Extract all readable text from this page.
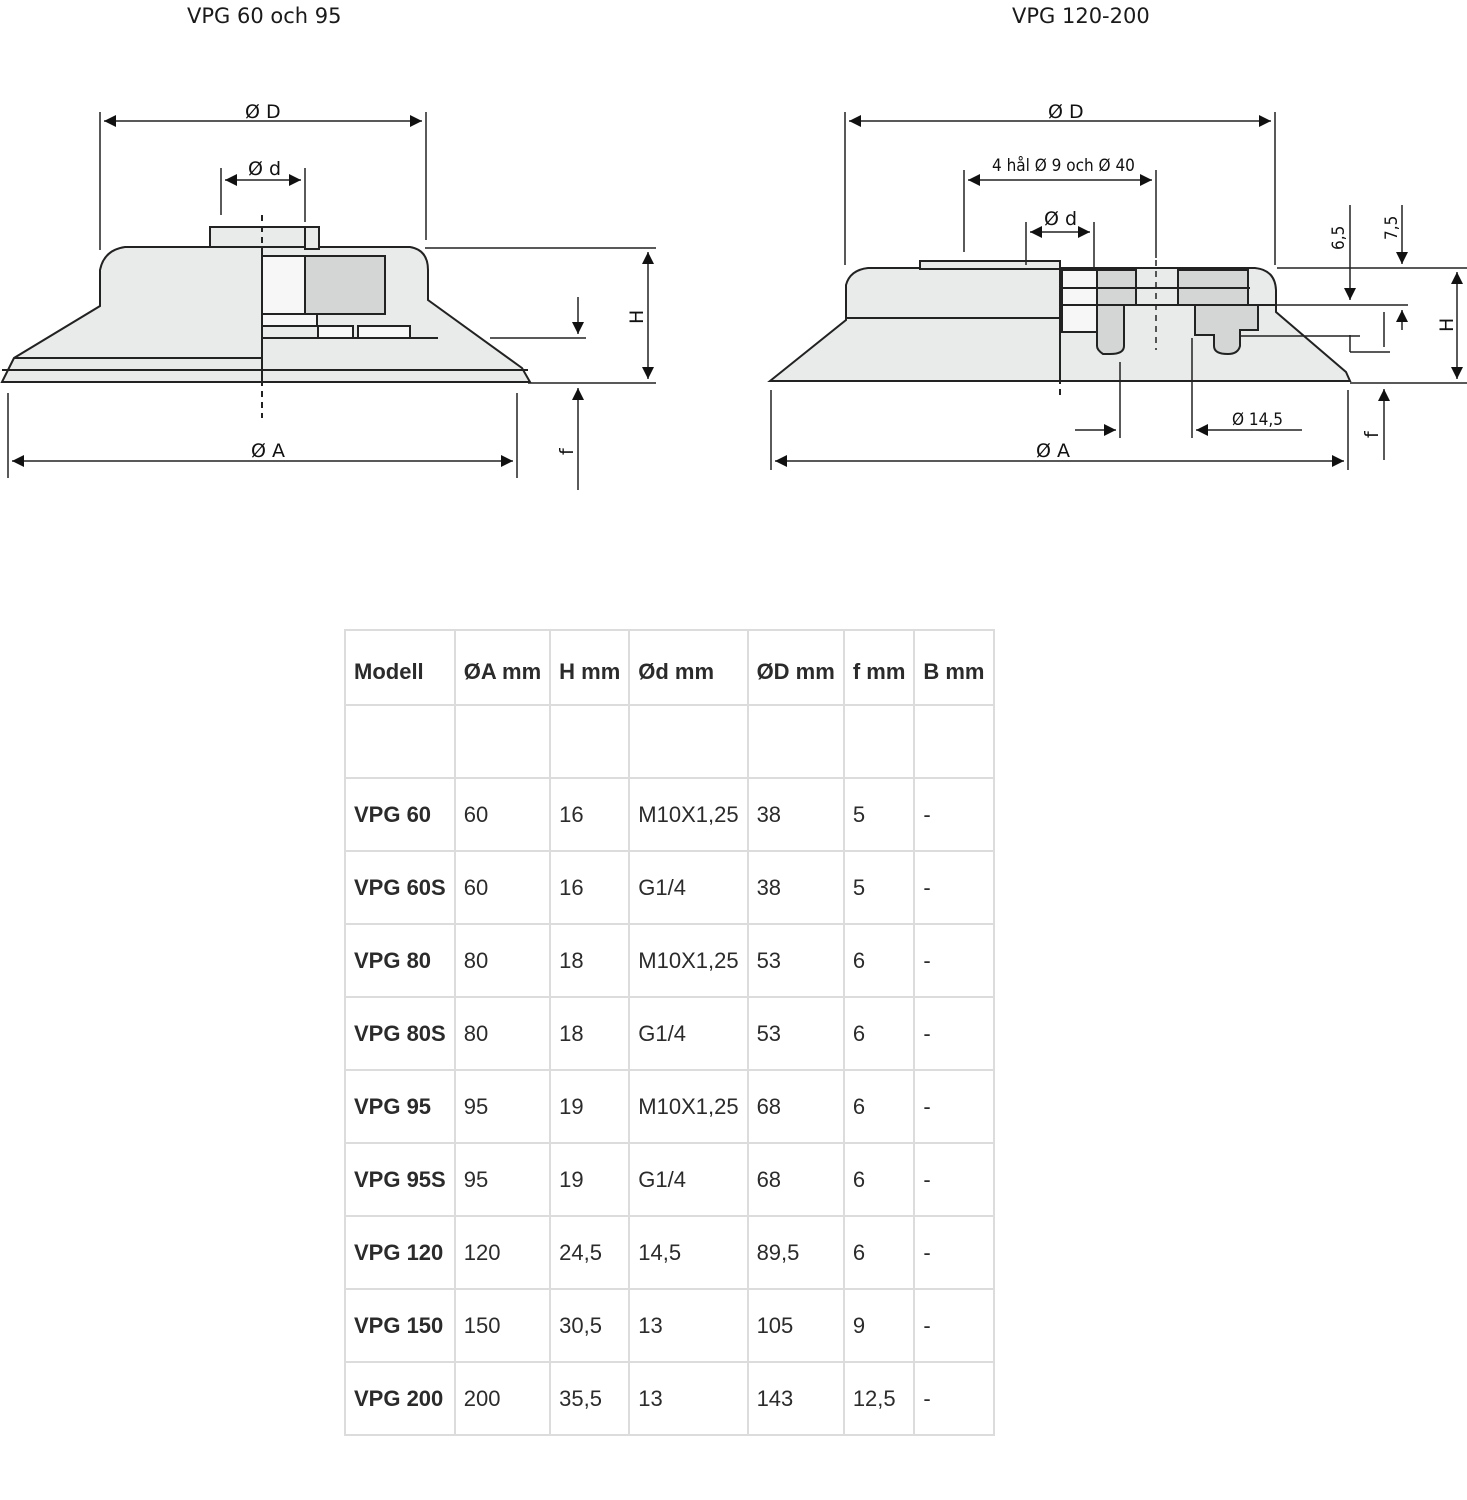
VPG 60 och 95	VPG 120-200
Ø D
Ø d
Ø A
H
f
Ø D
4 hål Ø 9 och Ø 40
Ø d
Ø A
Ø 14,5
6,5 7,5
H
f
Modell	ØA mm	H mm	Ød mm	ØD mm	f mm	B mm

VPG 60	60	16	M10X1,25	38	5	-
VPG 60S	60	16	G1/4	38	5	-
VPG 80	80	18	M10X1,25	53	6	-
VPG 80S	80	18	G1/4	53	6	-
VPG 95	95	19	M10X1,25	68	6	-
VPG 95S	95	19	G1/4	68	6	-
VPG 120	120	24,5	14,5	89,5	6	-
VPG 150	150	30,5	13	105	9	-
VPG 200	200	35,5	13	143	12,5	-
